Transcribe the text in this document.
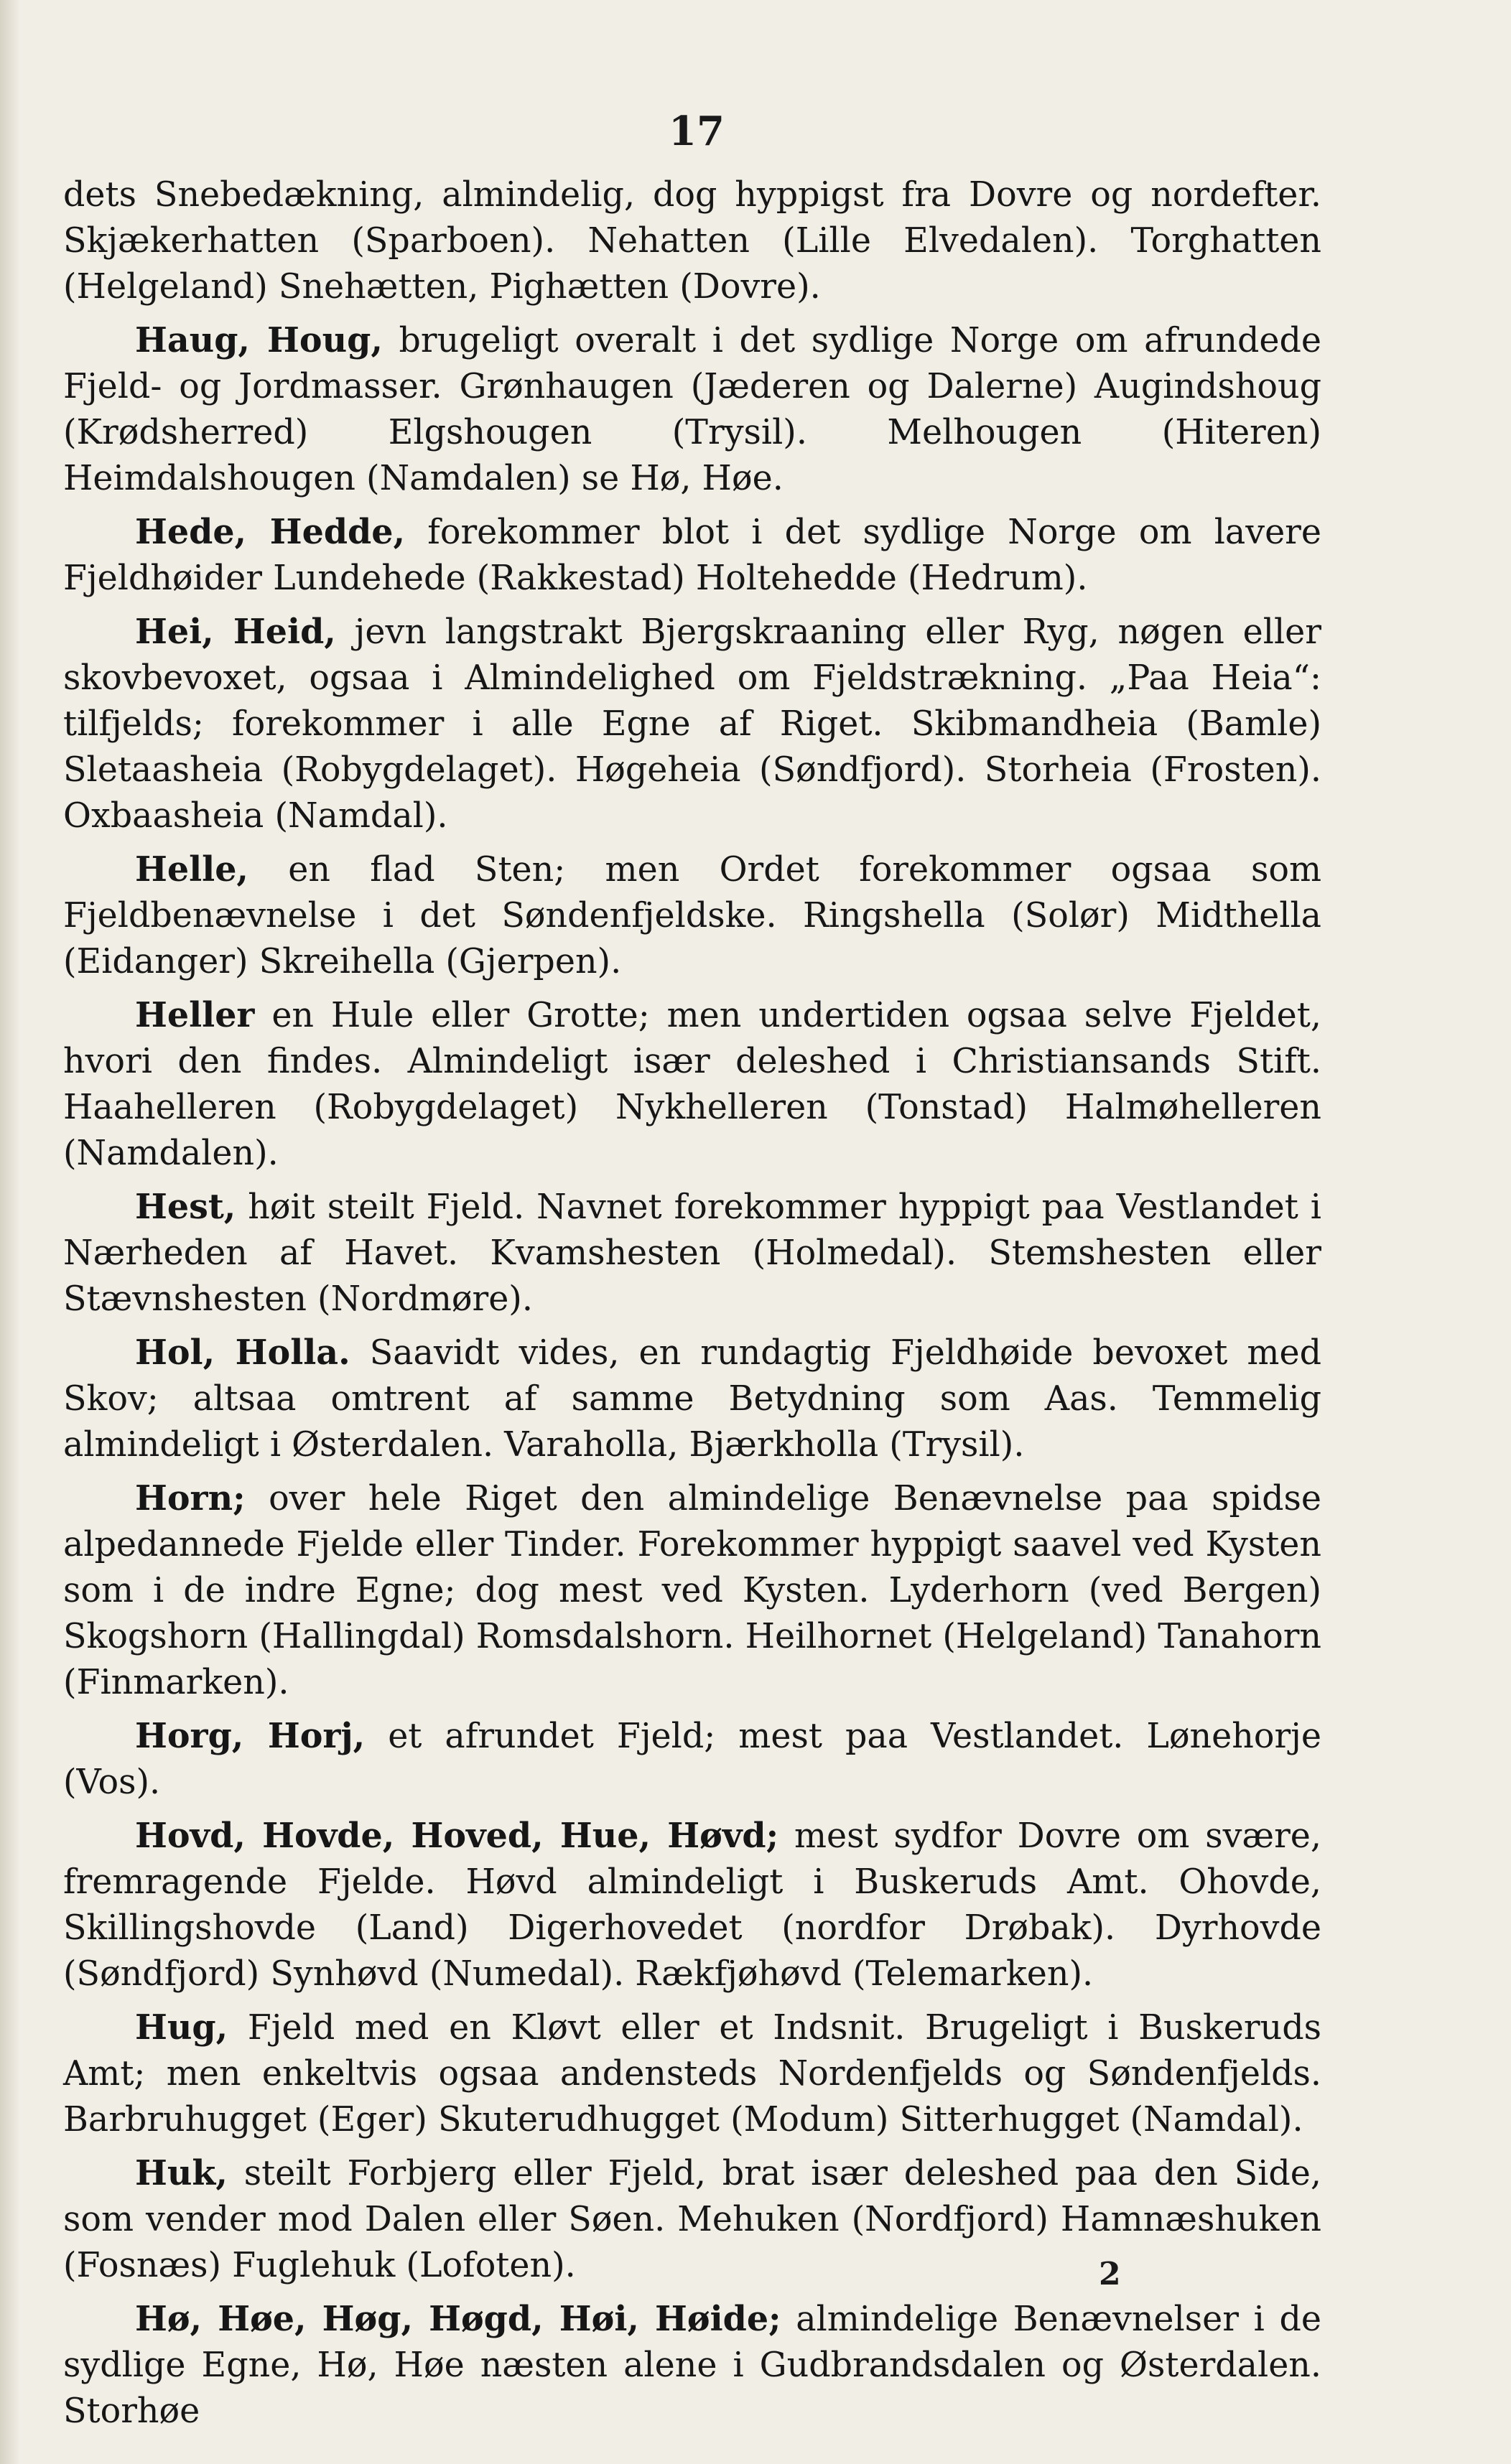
17

dets Snebedækning, almindelig, dog hyppigst fra Dovre og nordefter. Skjækerhatten (Sparboen). Nehatten (Lille Elvedalen). Torghatten (Helgeland) Snehætten, Pighætten (Dovre).

Haug, Houg, brugeligt overalt i det sydlige Norge om afrundede Fjeld- og Jordmasser. Grønhaugen (Jæderen og Dalerne) Augindshoug (Krødsherred) Elgshougen (Trysil). Melhougen (Hiteren) Heimdalshougen (Namdalen) se Hø, Høe.

Hede, Hedde, forekommer blot i det sydlige Norge om lavere Fjeldhøider Lundehede (Rakkestad) Holtehedde (Hedrum).

Hei, Heid, jevn langstrakt Bjergskraaning eller Ryg, nøgen eller skovbevoxet, ogsaa i Almindelighed om Fjeldstrækning. „Paa Heia“: tilfjelds; forekommer i alle Egne af Riget. Skibmandheia (Bamle) Sletaasheia (Robygdelaget). Høgeheia (Søndfjord). Storheia (Frosten). Oxbaasheia (Namdal).

Helle, en flad Sten; men Ordet forekommer ogsaa som Fjeldbenævnelse i det Søndenfjeldske. Ringshella (Solør) Midthella (Eidanger) Skreihella (Gjerpen).

Heller en Hule eller Grotte; men undertiden ogsaa selve Fjeldet, hvori den findes. Almindeligt især deleshed i Christiansands Stift. Haahelleren (Robygdelaget) Nykhelleren (Tonstad) Halmøhelleren (Namdalen).

Hest, høit steilt Fjeld. Navnet forekommer hyppigt paa Vestlandet i Nærheden af Havet. Kvamshesten (Holmedal). Stemshesten eller Stævnshesten (Nordmøre).

Hol, Holla. Saavidt vides, en rundagtig Fjeldhøide bevoxet med Skov; altsaa omtrent af samme Betydning som Aas. Temmelig almindeligt i Østerdalen. Varaholla, Bjærkholla (Trysil).

Horn; over hele Riget den almindelige Benævnelse paa spidse alpedannede Fjelde eller Tinder. Forekommer hyppigt saavel ved Kysten som i de indre Egne; dog mest ved Kysten. Lyderhorn (ved Bergen) Skogshorn (Hallingdal) Romsdalshorn. Heilhornet (Helgeland) Tanahorn (Finmarken).

Horg, Horj, et afrundet Fjeld; mest paa Vestlandet. Lønehorje (Vos).

Hovd, Hovde, Hoved, Hue, Høvd; mest sydfor Dovre om svære, fremragende Fjelde. Høvd almindeligt i Buskeruds Amt. Ohovde, Skillingshovde (Land) Digerhovedet (nordfor Drøbak). Dyrhovde (Søndfjord) Synhøvd (Numedal). Rækfjøhøvd (Telemarken).

Hug, Fjeld med en Kløvt eller et Indsnit. Brugeligt i Buskeruds Amt; men enkeltvis ogsaa andensteds Nordenfjelds og Søndenfjelds. Barbruhugget (Eger) Skuterudhugget (Modum) Sitterhugget (Namdal).

Huk, steilt Forbjerg eller Fjeld, brat især deleshed paa den Side, som vender mod Dalen eller Søen. Mehuken (Nordfjord) Hamnæshuken (Fosnæs) Fuglehuk (Lofoten).

Hø, Høe, Høg, Høgd, Høi, Høide; almindelige Benævnelser i de sydlige Egne, Hø, Høe næsten alene i Gudbrandsdalen og Østerdalen. Storhøe

2
